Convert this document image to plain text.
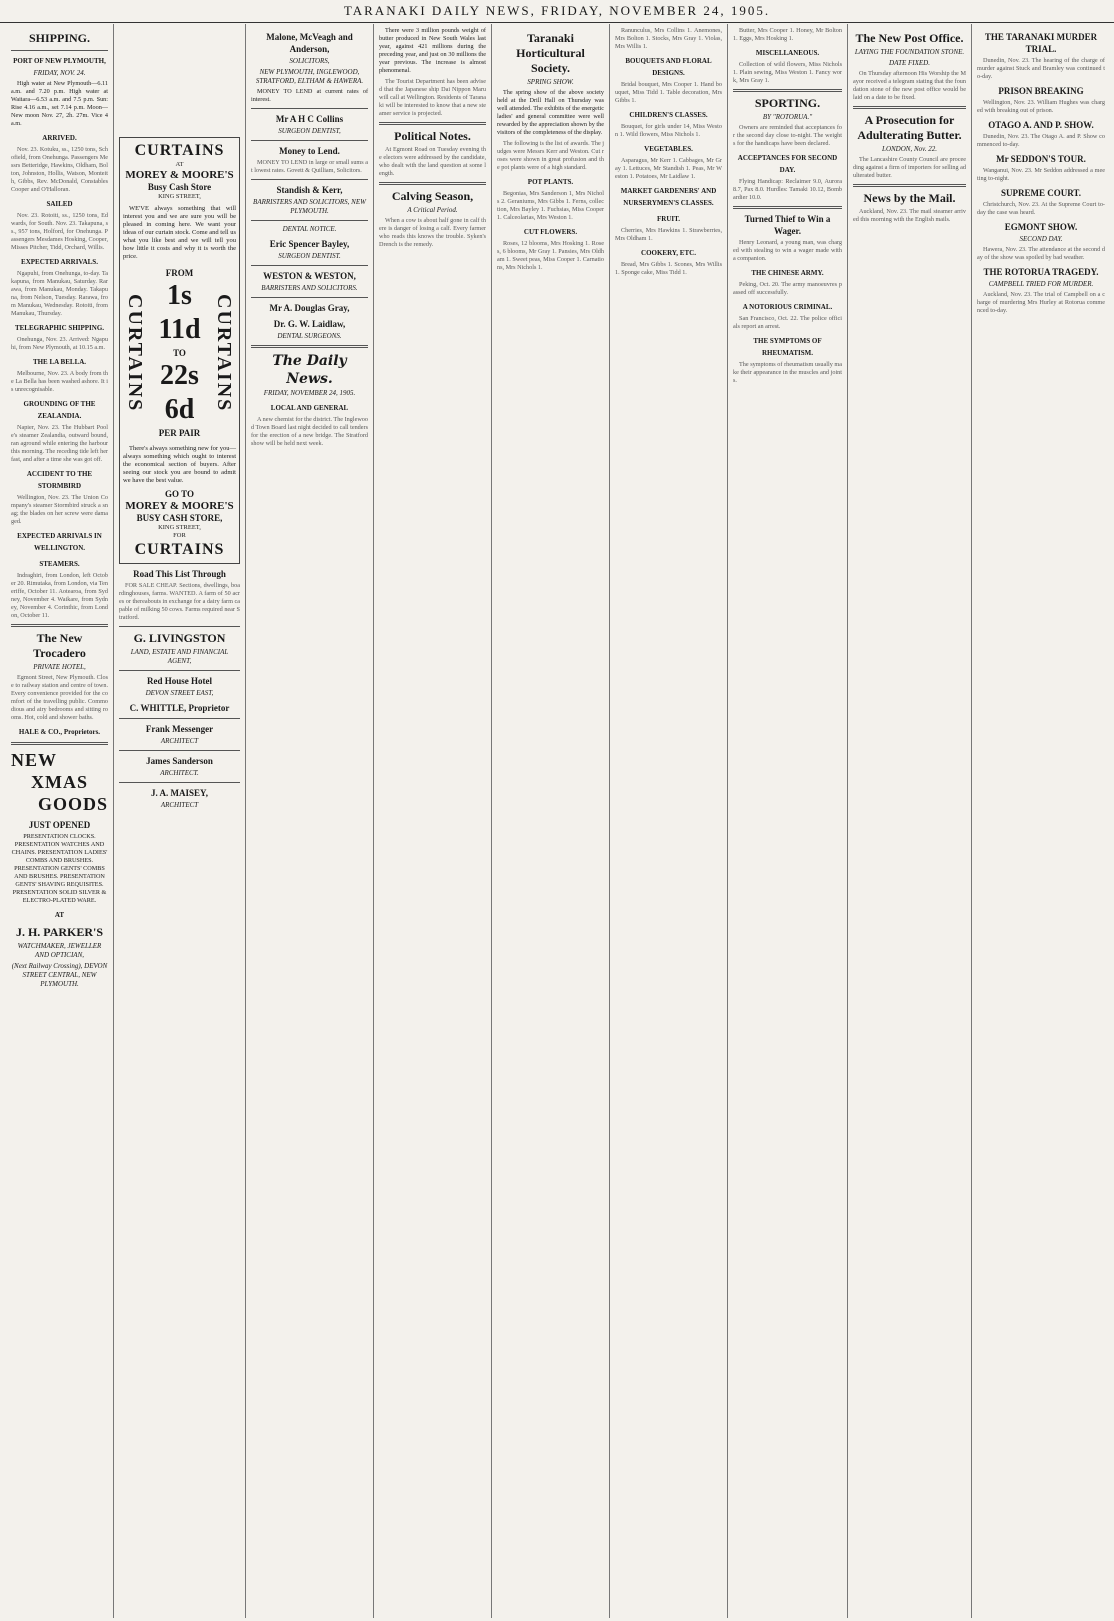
TARANAKI DAILY NEWS, FRIDAY, NOVEMBER 24, 1905.
SHIPPING.
PORT OF NEW PLYMOUTH,
FRIDAY, NOV. 24.

High water at New Plymouth—6.11 a.m. and 7.20 p.m. High water at Waitara—6.53 a.m. and 7.5 p.m. Sun: Rise 4.16 a.m., set 7.14 p.m. Moon—New moon Nov. 27, 2h. 27m. Vice 4 a.m.

ARRIVED.

Nov. 23. Kotuku, ss., 1250 tons, Schofield, from Onehunga. Passengers Messrs Betteridge, Hawkins, Oldham, Bolton, Johnston, Hollis, Watson, Monteith, Gibbs, Rev. McDonald, Constables Cooper and O'Halloran.

SAILED

Nov. 23. Rotoiti, ss., 1250 tons, Edwards, for South. Nov. 23. Takapuna, ss., 957 tons, Holford, for Onehunga. Passengers Mesdames Hosking, Cooper, Misses Pitcher, Tidd, Orchard, Willis.

EXPECTED ARRIVALS.

Ngapuhi, from Onehunga, to-day. Takapuna, from Manukau, Saturday. Rarawa, from Manukau, Monday. Takapuna, from Nelson, Tuesday. Rarawa, from Manukau, Wednesday. Rotoiti, from Manukau, Thursday.

TELEGRAPHIC SHIPPING.

Onehunga, Nov. 23. Arrived: Ngapuhi, from New Plymouth, at 10.15 a.m.

THE LA BELLA.

Melbourne, Nov. 23. A body from the La Bella has been washed ashore. It is unrecognisable.

GROUNDING OF THE ZEALANDIA.

Napier, Nov. 23. The Hubbart Poole's steamer Zealandia, outward bound, ran aground while entering the harbour this morning. The receding tide left her fast, and after a time she was got off.

ACCIDENT TO THE STORMBIRD

Wellington, Nov. 23. The Union Company's steamer Stormbird struck a snag; the blades on her screw were damaged.

EXPECTED ARRIVALS IN WELLINGTON.
STEAMERS.

Indraghiri, from London, left October 20. Rimutaka, from London, via Teneriffe, October 11. Aotearoa, from Sydney, November 4. Waikare, from Sydney, November 4. Corinthic, from London, October 11.

The New Trocadero
PRIVATE HOTEL,

Egmont Street, New Plymouth. Close to railway station and centre of town. Every convenience provided for the comfort of the travelling public. Commodious and airy bedrooms and sitting rooms. Hot, cold and shower baths.

HALE & CO., Proprietors.
NEW
XMAS
GOODS
JUST OPENED

PRESENTATION CLOCKS. PRESENTATION WATCHES AND CHAINS. PRESENTATION LADIES' COMBS AND BRUSHES. PRESENTATION GENTS' COMBS AND BRUSHES. PRESENTATION GENTS' SHAVING REQUISITES. PRESENTATION SOLID SILVER & ELECTRO-PLATED WARE.

AT
J. H. PARKER'S
WATCHMAKER, JEWELLER AND OPTICIAN,
(Next Railway Crossing), DEVON STREET CENTRAL, NEW PLYMOUTH.
CURTAINS
AT
MOREY & MOORE'S
Busy Cash Store
KING STREET,

WE'VE always something that will interest you and we are sure you will be pleased in coming here. We want your ideas of our curtain stock. Come and tell us what you like best and we will tell you how little it costs and why it is worth the price.

CURTAINS
FROM
1s 11d
TO
22s 6d
PER PAIR
CURTAINS

There's always something new for you—always something which ought to interest the economical section of buyers. After seeing our stock you are bound to admit we have the best value.

GO TO
MOREY & MOORE'S
BUSY CASH STORE,
KING STREET,
FOR
CURTAINS
Road This List Through

FOR SALE CHEAP. Sections, dwellings, boardinghouses, farms. WANTED. A farm of 50 acres or thereabouts in exchange for a dairy farm capable of milking 50 cows. Farms required near Stratford.

G. LIVINGSTON
LAND, ESTATE AND FINANCIAL AGENT,
Red House Hotel
DEVON STREET EAST,
C. WHITTLE, Proprietor
Frank Messenger
ARCHITECT
James Sanderson
ARCHITECT.
J. A. MAISEY,
ARCHITECT
Malone, McVeagh and Anderson,
SOLICITORS,
NEW PLYMOUTH, INGLEWOOD, STRATFORD, ELTHAM & HAWERA.

MONEY TO LEND at current rates of interest.

Mr A H C Collins
SURGEON DENTIST,
Money to Lend.

MONEY TO LEND in large or small sums at lowest rates. Govett & Quilliam, Solicitors.

Standish & Kerr,
BARRISTERS AND SOLICITORS, NEW PLYMOUTH.
DENTAL NOTICE.
Eric Spencer Bayley,
SURGEON DENTIST.
WESTON & WESTON,
BARRISTERS AND SOLICITORS.
Mr A. Douglas Gray,
Dr. G. W. Laidlaw,
DENTAL SURGEONS.
The Daily News.
FRIDAY, NOVEMBER 24, 1905.
LOCAL AND GENERAL

A new chemist for the district. The Inglewood Town Board last night decided to call tenders for the erection of a new bridge. The Stratford show will be held next week.

There were 3 million pounds weight of butter produced in New South Wales last year, against 421 millions during the preceding year, and just on 30 millions the year previous. The increase is almost phenomenal.

The Tourist Department has been advised that the Japanese ship Dai Nippon Maru will call at Wellington. Residents of Taranaki will be interested to know that a new steamer service is projected.

Political Notes.

At Egmont Road on Tuesday evening the electors were addressed by the candidate, who dealt with the land question at some length.

Calving Season,
A Critical Period.

When a cow is about half gone in calf there is danger of losing a calf. Every farmer who reads this knows the trouble. Syken's Drench is the remedy.

Taranaki Horticultural Society.
SPRING SHOW.

The spring show of the above society held at the Drill Hall on Thursday was well attended. The exhibits of the energetic ladies' and general committee were well rewarded by the appreciation shown by the visitors of the completeness of the display.

The following is the list of awards. The judges were Messrs Kerr and Weston. Cut roses were shown in great profusion and the pot plants were of a high standard.

POT PLANTS.

Begonias, Mrs Sanderson 1, Mrs Nichols 2. Geraniums, Mrs Gibbs 1. Ferns, collection, Mrs Bayley 1. Fuchsias, Miss Cooper 1. Calceolarias, Mrs Weston 1.

CUT FLOWERS.

Roses, 12 blooms, Mrs Hosking 1. Roses, 6 blooms, Mr Gray 1. Pansies, Mrs Oldham 1. Sweet peas, Miss Cooper 1. Carnations, Mrs Nichols 1.

Ranunculus, Mrs Collins 1. Anemones, Mrs Bolton 1. Stocks, Mrs Gray 1. Violas, Mrs Willis 1.

BOUQUETS AND FLORAL DESIGNS.

Bridal bouquet, Mrs Cooper 1. Hand bouquet, Miss Tidd 1. Table decoration, Mrs Gibbs 1.

CHILDREN'S CLASSES.

Bouquet, for girls under 14, Miss Weston 1. Wild flowers, Miss Nichols 1.

VEGETABLES.

Asparagus, Mr Kerr 1. Cabbages, Mr Gray 1. Lettuces, Mr Standish 1. Peas, Mr Weston 1. Potatoes, Mr Laidlaw 1.

MARKET GARDENERS' AND NURSERYMEN'S CLASSES.
FRUIT.

Cherries, Mrs Hawkins 1. Strawberries, Mrs Oldham 1.

COOKERY, ETC.

Bread, Mrs Gibbs 1. Scones, Mrs Willis 1. Sponge cake, Miss Tidd 1.

Butter, Mrs Cooper 1. Honey, Mr Bolton 1. Eggs, Mrs Hosking 1.

MISCELLANEOUS.

Collection of wild flowers, Miss Nichols 1. Plain sewing, Miss Weston 1. Fancy work, Mrs Gray 1.

SPORTING.
BY "ROTORUA."

Owners are reminded that acceptances for the second day close to-night. The weights for the handicaps have been declared.

ACCEPTANCES FOR SECOND DAY.

Flying Handicap: Reclaimer 9.0, Aurora 8.7, Pax 8.0. Hurdles: Tamaki 10.12, Bombardier 10.0.

Turned Thief to Win a Wager.

Henry Leonard, a young man, was charged with stealing to win a wager made with a companion.

THE CHINESE ARMY.

Peking, Oct. 20. The army manoeuvres passed off successfully.

A NOTORIOUS CRIMINAL.

San Francisco, Oct. 22. The police officials report an arrest.

THE SYMPTOMS OF RHEUMATISM.

The symptoms of rheumatism usually make their appearance in the muscles and joints.

The New Post Office.
LAYING THE FOUNDATION STONE.
DATE FIXED.

On Thursday afternoon His Worship the Mayor received a telegram stating that the foundation stone of the new post office would be laid on a date to be fixed.

A Prosecution for Adulterating Butter.
LONDON, Nov. 22.

The Lancashire County Council are proceeding against a firm of importers for selling adulterated butter.

News by the Mail.

Auckland, Nov. 23. The mail steamer arrived this morning with the English mails.

THE TARANAKI MURDER TRIAL.

Dunedin, Nov. 23. The hearing of the charge of murder against Stuck and Bramley was continued to-day.

PRISON BREAKING

Wellington, Nov. 23. William Hughes was charged with breaking out of prison.

OTAGO A. AND P. SHOW.

Dunedin, Nov. 23. The Otago A. and P. Show commenced to-day.

Mr SEDDON'S TOUR.

Wanganui, Nov. 23. Mr Seddon addressed a meeting to-night.

SUPREME COURT.

Christchurch, Nov. 23. At the Supreme Court to-day the case was heard.

EGMONT SHOW.
SECOND DAY.

Hawera, Nov. 23. The attendance at the second day of the show was spoiled by bad weather.

THE ROTORUA TRAGEDY.
CAMPBELL TRIED FOR MURDER.

Auckland, Nov. 23. The trial of Campbell on a charge of murdering Mrs Hurley at Rotorua commenced to-day.
